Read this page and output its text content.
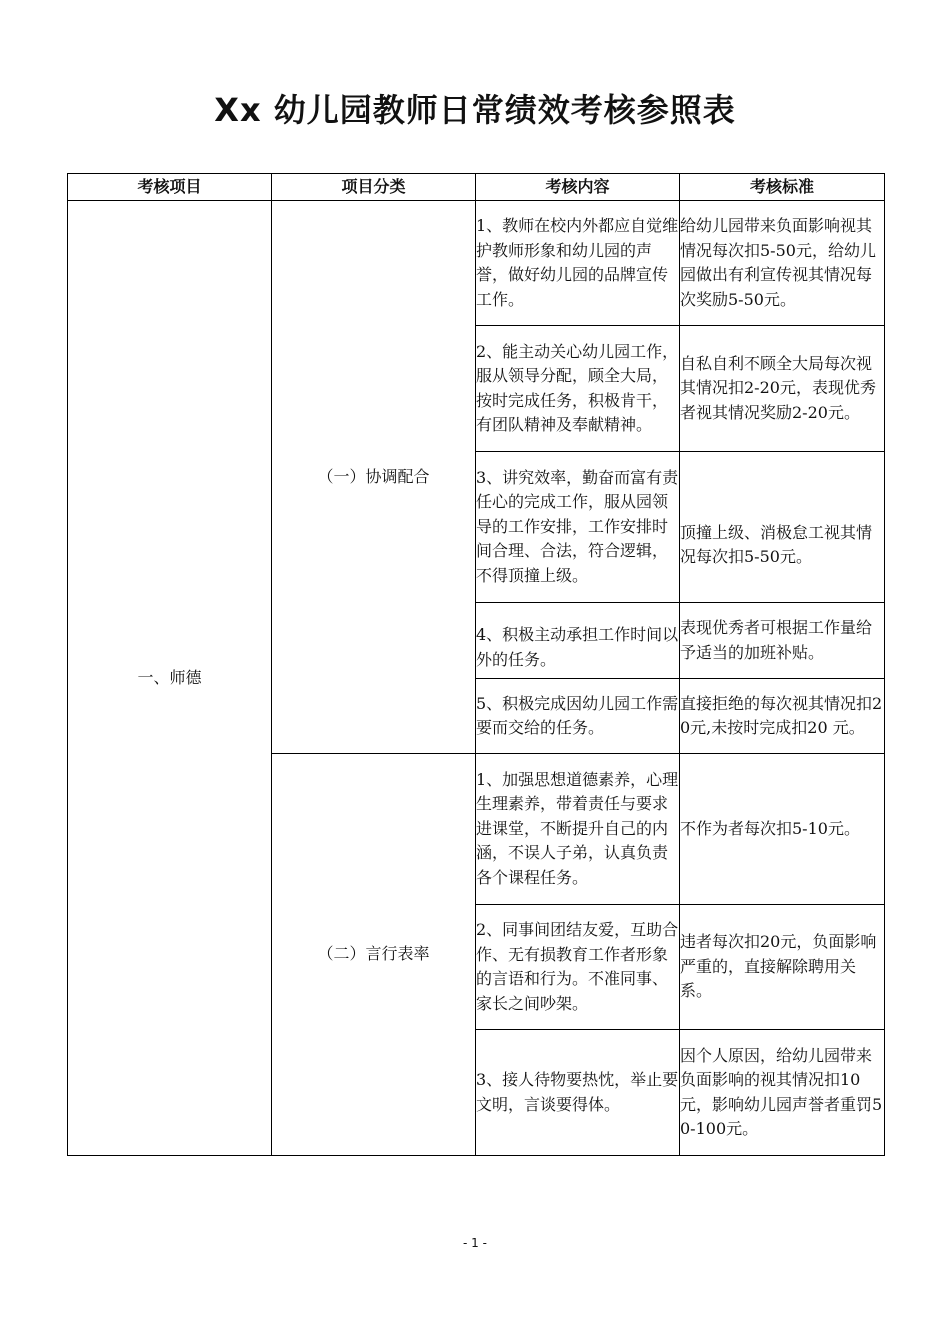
Xx 幼儿园教师日常绩效考核参照表
考核项目	项目分类	考核内容	考核标准
一、师德	（一）协调配合	1、教师在校内外都应自觉维护教师形象和幼儿园的声誉，做好幼儿园的品牌宣传工作。	给幼儿园带来负面影响视其情况每次扣5-50元，给幼儿园做出有利宣传视其情况每次奖励5-50元。
		2、能主动关心幼儿园工作，服从领导分配，顾全大局，按时完成任务，积极肯干，有团队精神及奉献精神。	自私自利不顾全大局每次视其情况扣2-20元，表现优秀者视其情况奖励2-20元。
		3、讲究效率，勤奋而富有责任心的完成工作，服从园领导的工作安排，工作安排时间合理、合法，符合逻辑，不得顶撞上级。	顶撞上级、消极怠工视其情况每次扣5-50元。
		4、积极主动承担工作时间以外的任务。	表现优秀者可根据工作量给予适当的加班补贴。
		5、积极完成因幼儿园工作需要而交给的任务。	直接拒绝的每次视其情况扣20元,未按时完成扣20 元。
	（二）言行表率	1、加强思想道德素养，心理生理素养，带着责任与要求进课堂，不断提升自己的内涵，不误人子弟，认真负责各个课程任务。	不作为者每次扣5-10元。
		2、同事间团结友爱，互助合作、无有损教育工作者形象的言语和行为。不准同事、家长之间吵架。	违者每次扣20元，负面影响严重的，直接解除聘用关系。
		3、接人待物要热忱，举止要文明，言谈要得体。	因个人原因，给幼儿园带来负面影响的视其情况扣10元，影响幼儿园声誉者重罚50-100元。
- 1 -
